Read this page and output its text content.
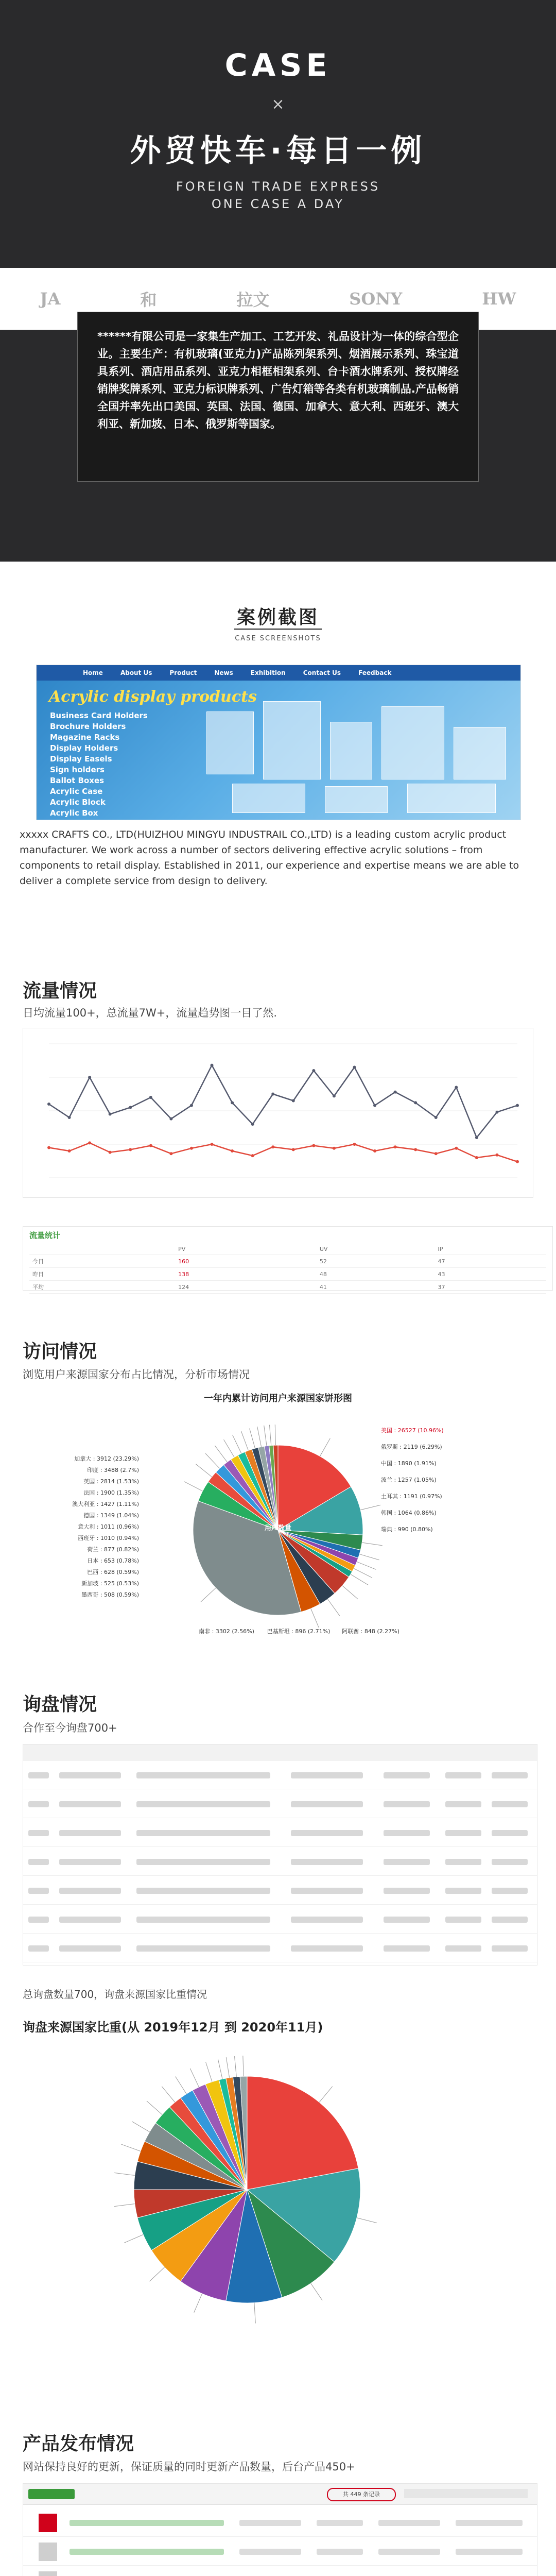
CASE
×
外贸快车·每日一例
FOREIGN TRADE EXPRESS
ONE CASE A DAY
JA	和	拉文	SONY	HW
******有限公司是一家集生产加工、工艺开发、礼品设计为一体的综合型企业。主要生产：有机玻璃(亚克力)产品陈列架系列、烟酒展示系列、珠宝道具系列、酒店用品系列、亚克力相框相架系列、台卡酒水牌系列、授权牌经销牌奖牌系列、亚克力标识牌系列、广告灯箱等各类有机玻璃制品.产品畅销全国并率先出口美国、英国、法国、德国、加拿大、意大利、西班牙、澳大利亚、新加坡、日本、俄罗斯等国家。
案例截图
CASE SCREENSHOTS
Home	About Us	Product	News	Exhibition	Contact Us	Feedback
Acrylic display products
Business Card Holders
Brochure Holders
Magazine Racks
Display Holders
Display Easels
Sign holders
Ballot Boxes
Acrylic Case
Acrylic Block
Acrylic Box
xxxxx CRAFTS CO., LTD(HUIZHOU MINGYU INDUSTRAIL CO.,LTD) is a leading custom acrylic product manufacturer. We work across a number of sectors delivering effective acrylic solutions – from components to retail display. Established in 2011, our experience and expertise means we are able to deliver a complete service from design to delivery.
流量情况
日均流量100+，总流量7W+，流量趋势图一目了然.
流量统计
	PV	UV	IP
今日	160	52	47
昨日	138	48	43
平均	124	41	37
访问情况
浏览用户来源国家分布占比情况，分析市场情况
一年内累计访问用户来源国家饼形图
用户数量
加拿大 : 3912 (23.29%)
印度 : 3488 (2.7%)
英国 : 2814 (1.53%)
法国 : 1900 (1.35%)
澳大利亚 : 1427 (1.11%)
德国 : 1349 (1.04%)
意大利 : 1011 (0.96%)
西班牙 : 1010 (0.94%)
荷兰 : 877 (0.82%)
日本 : 653 (0.78%)
巴西 : 628 (0.59%)
新加坡 : 525 (0.53%)
墨西哥 : 508 (0.59%)
美国 : 26527 (10.96%)
俄罗斯 : 2119 (6.29%)
中国 : 1890 (1.91%)
波兰 : 1257 (1.05%)
土耳其 : 1191 (0.97%)
韩国 : 1064 (0.86%)
瑞典 : 990 (0.80%)
南非 : 3302 (2.56%) 巴基斯坦 : 896 (2.71%) 阿联酋 : 848 (2.27%)
询盘情况
合作至今询盘700+
总询盘数量700，询盘来源国家比重情况
询盘来源国家比重(从 2019年12月 到 2020年11月)
产品发布情况
网站保持良好的更新，保证质量的同时更新产品数量，后台产品450+
共 449 条记录
